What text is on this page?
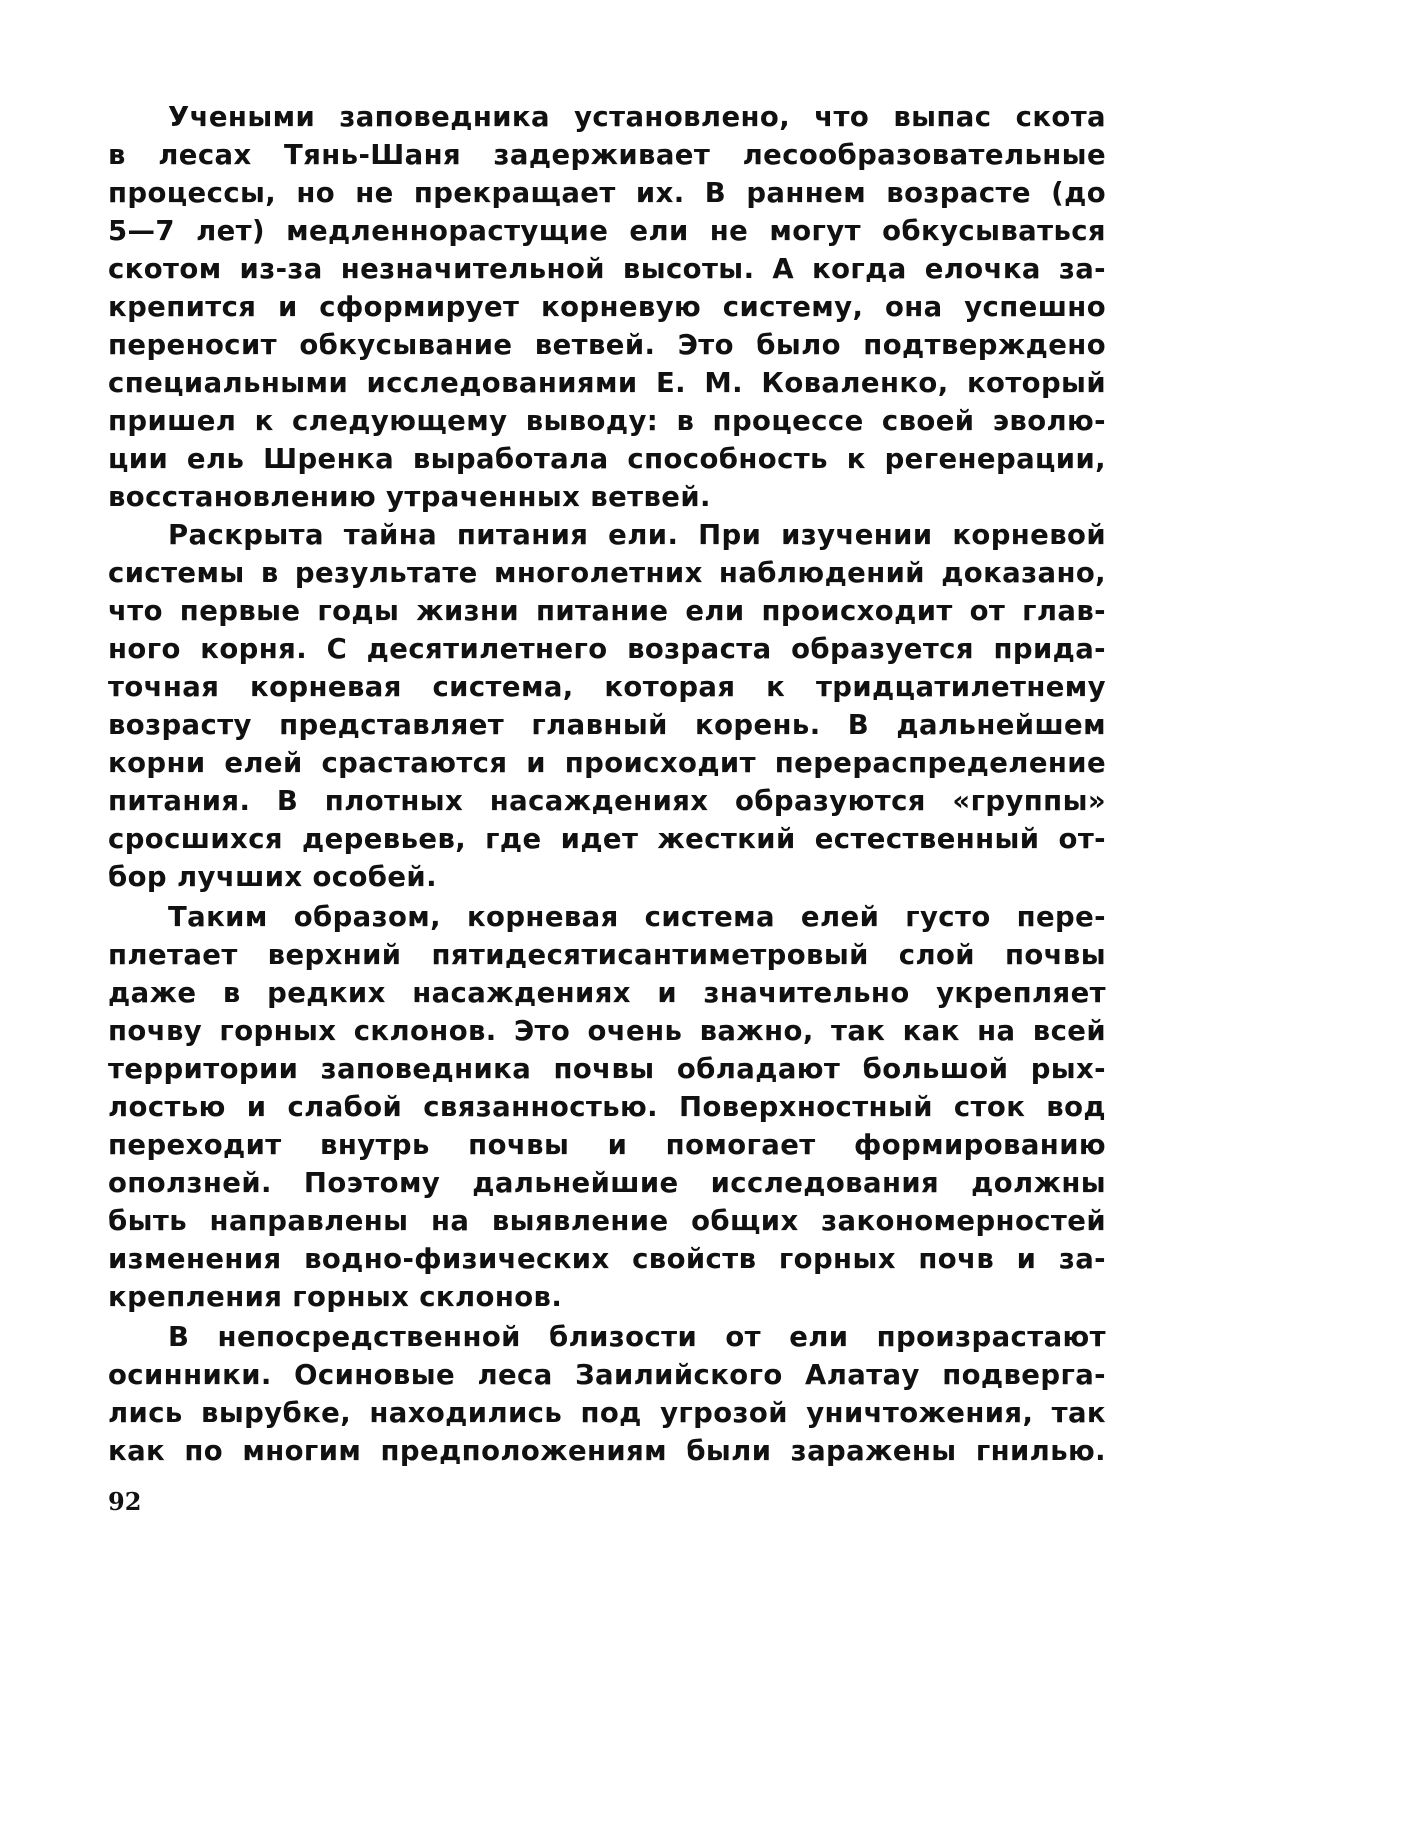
Учеными заповедника установлено, что выпас скота
в лесах Тянь-Шаня задерживает лесообразовательные
процессы, но не прекращает их. В раннем возрасте (до
5—7 лет) медленнорастущие ели не могут обкусываться
скотом из-за незначительной высоты. А когда елочка за-
крепится и сформирует корневую систему, она успешно
переносит обкусывание ветвей. Это было подтверждено
специальными исследованиями Е. М. Коваленко, который
пришел к следующему выводу: в процессе своей эволю-
ции ель Шренка выработала способность к регенерации,
восстановлению утраченных ветвей.
Раскрыта тайна питания ели. При изучении корневой
системы в результате многолетних наблюдений доказано,
что первые годы жизни питание ели происходит от глав-
ного корня. С десятилетнего возраста образуется прида-
точная корневая система, которая к тридцатилетнему
возрасту представляет главный корень. В дальнейшем
корни елей срастаются и происходит перераспределение
питания. В плотных насаждениях образуются «группы»
сросшихся деревьев, где идет жесткий естественный от-
бор лучших особей.
Таким образом, корневая система елей густо пере-
плетает верхний пятидесятисантиметровый слой почвы
даже в редких насаждениях и значительно укрепляет
почву горных склонов. Это очень важно, так как на всей
территории заповедника почвы обладают большой рых-
лостью и слабой связанностью. Поверхностный сток вод
переходит внутрь почвы и помогает формированию
оползней. Поэтому дальнейшие исследования должны
быть направлены на выявление общих закономерностей
изменения водно-физических свойств горных почв и за-
крепления горных склонов.
В непосредственной близости от ели произрастают
осинники. Осиновые леса Заилийского Алатау подверга-
лись вырубке, находились под угрозой уничтожения, так
как по многим предположениям были заражены гнилью.
92
